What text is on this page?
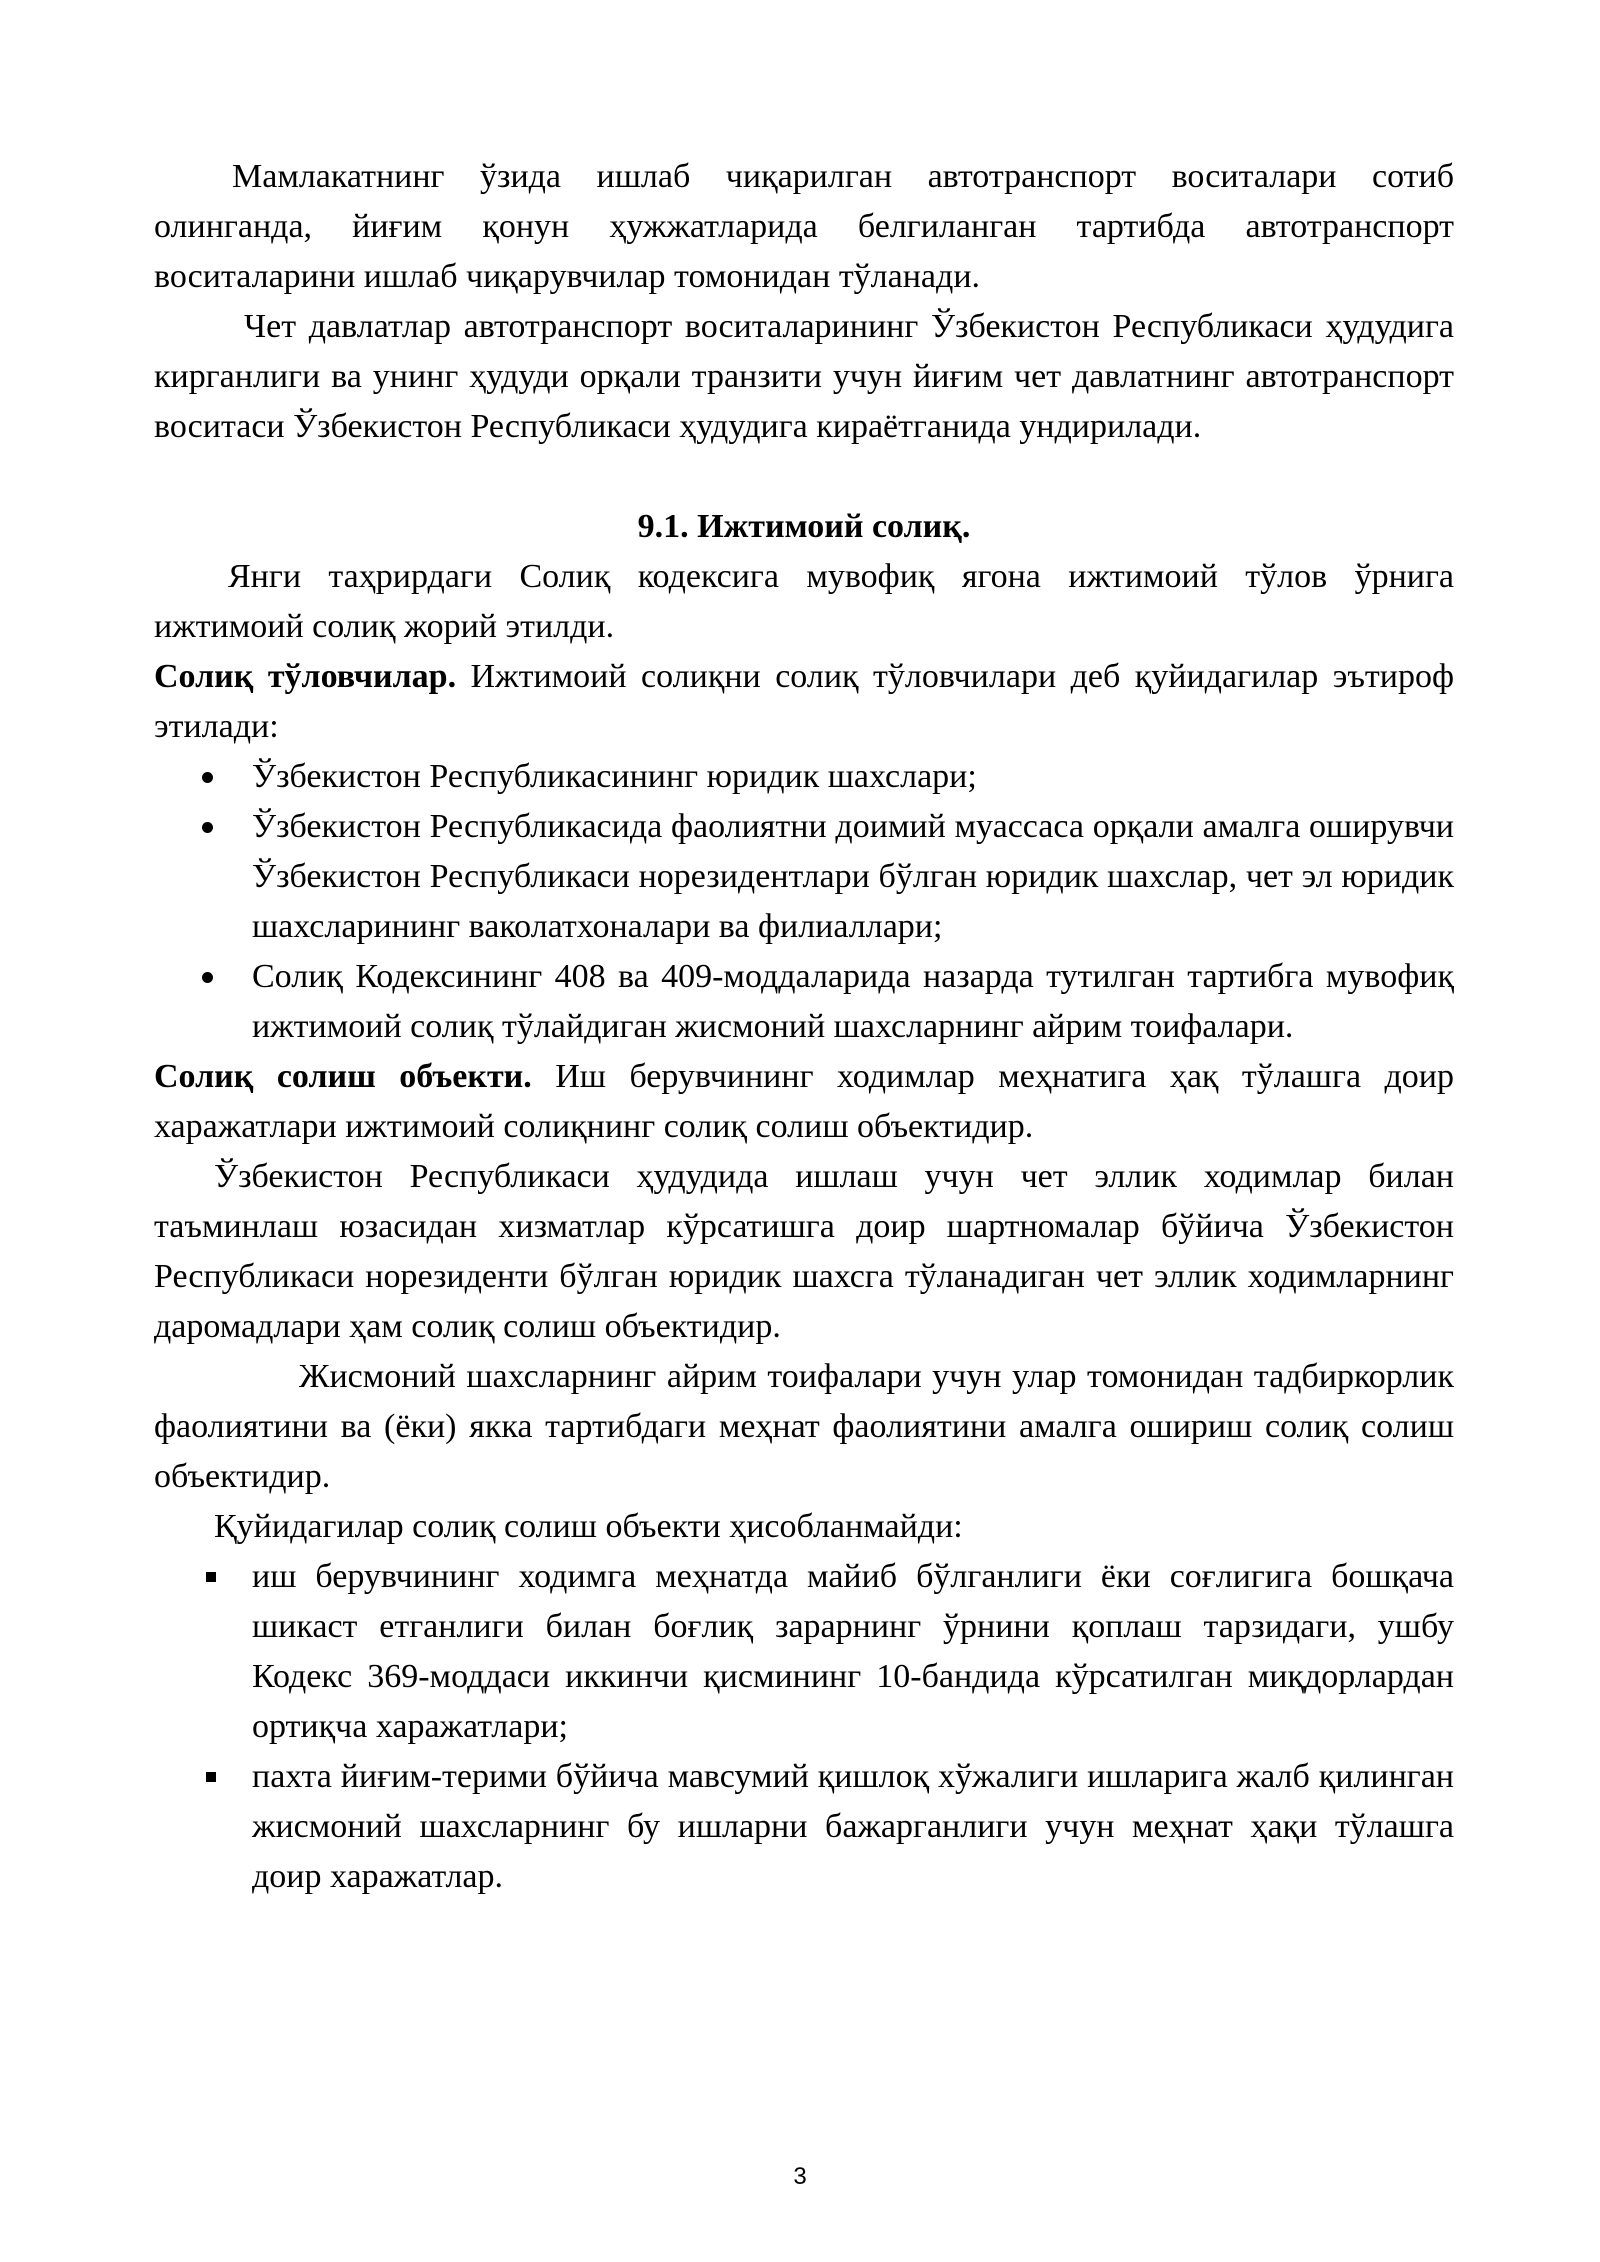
Мамлакатнинг ўзида ишлаб чиқарилган автотранспорт воситалари сотиб олинганда, йиғим қонун ҳужжатларида белгиланган тартибда автотранспорт воситаларини ишлаб чиқарувчилар томонидан тўланади.

Чет давлатлар автотранспорт воситаларининг Ўзбекистон Республикаси ҳудудига кирганлиги ва унинг ҳудуди орқали транзити учун йиғим чет давлатнинг автотранспорт воситаси Ўзбекистон Республикаси ҳудудига кираётганида ундирилади.

9.1. Ижтимоий солиқ.

Янги таҳрирдаги Солиқ кодексига мувофиқ ягона ижтимоий тўлов ўрнига ижтимоий солиқ жорий этилди.

Солиқ тўловчилар. Ижтимоий солиқни солиқ тўловчилари деб қуйидагилар эътироф этилади:

Ўзбекистон Республикасининг юридик шахслари;
Ўзбекистон Республикасида фаолиятни доимий муассаса орқали амалга оширувчи Ўзбекистон Республикаси норезидентлари бўлган юридик шахслар, чет эл юридик шахсларининг ваколатхоналари ва филиаллари;
Солиқ Кодексининг 408 ва 409-моддаларида назарда тутилган тартибга мувофиқ ижтимоий солиқ тўлайдиган жисмоний шахсларнинг айрим тоифалари.

Солиқ солиш объекти. Иш берувчининг ходимлар меҳнатига ҳақ тўлашга доир харажатлари ижтимоий солиқнинг солиқ солиш объектидир.

Ўзбекистон Республикаси ҳудудида ишлаш учун чет эллик ходимлар билан таъминлаш юзасидан хизматлар кўрсатишга доир шартномалар бўйича Ўзбекистон Республикаси норезиденти бўлган юридик шахсга тўланадиган чет эллик ходимларнинг даромадлари ҳам солиқ солиш объектидир.

Жисмоний шахсларнинг айрим тоифалари учун улар томонидан тадбиркорлик фаолиятини ва (ёки) якка тартибдаги меҳнат фаолиятини амалга ошириш солиқ солиш объектидир.

Қуйидагилар солиқ солиш объекти ҳисобланмайди:

иш берувчининг ходимга меҳнатда майиб бўлганлиги ёки соғлигига бошқача шикаст етганлиги билан боғлиқ зарарнинг ўрнини қоплаш тарзидаги, ушбу Кодекс 369-моддаси иккинчи қисмининг 10-бандида кўрсатилган миқдорлардан ортиқча харажатлари;
пахта йиғим-терими бўйича мавсумий қишлоқ хўжалиги ишларига жалб қилинган жисмоний шахсларнинг бу ишларни бажарганлиги учун меҳнат ҳақи тўлашга доир харажатлар.
3
